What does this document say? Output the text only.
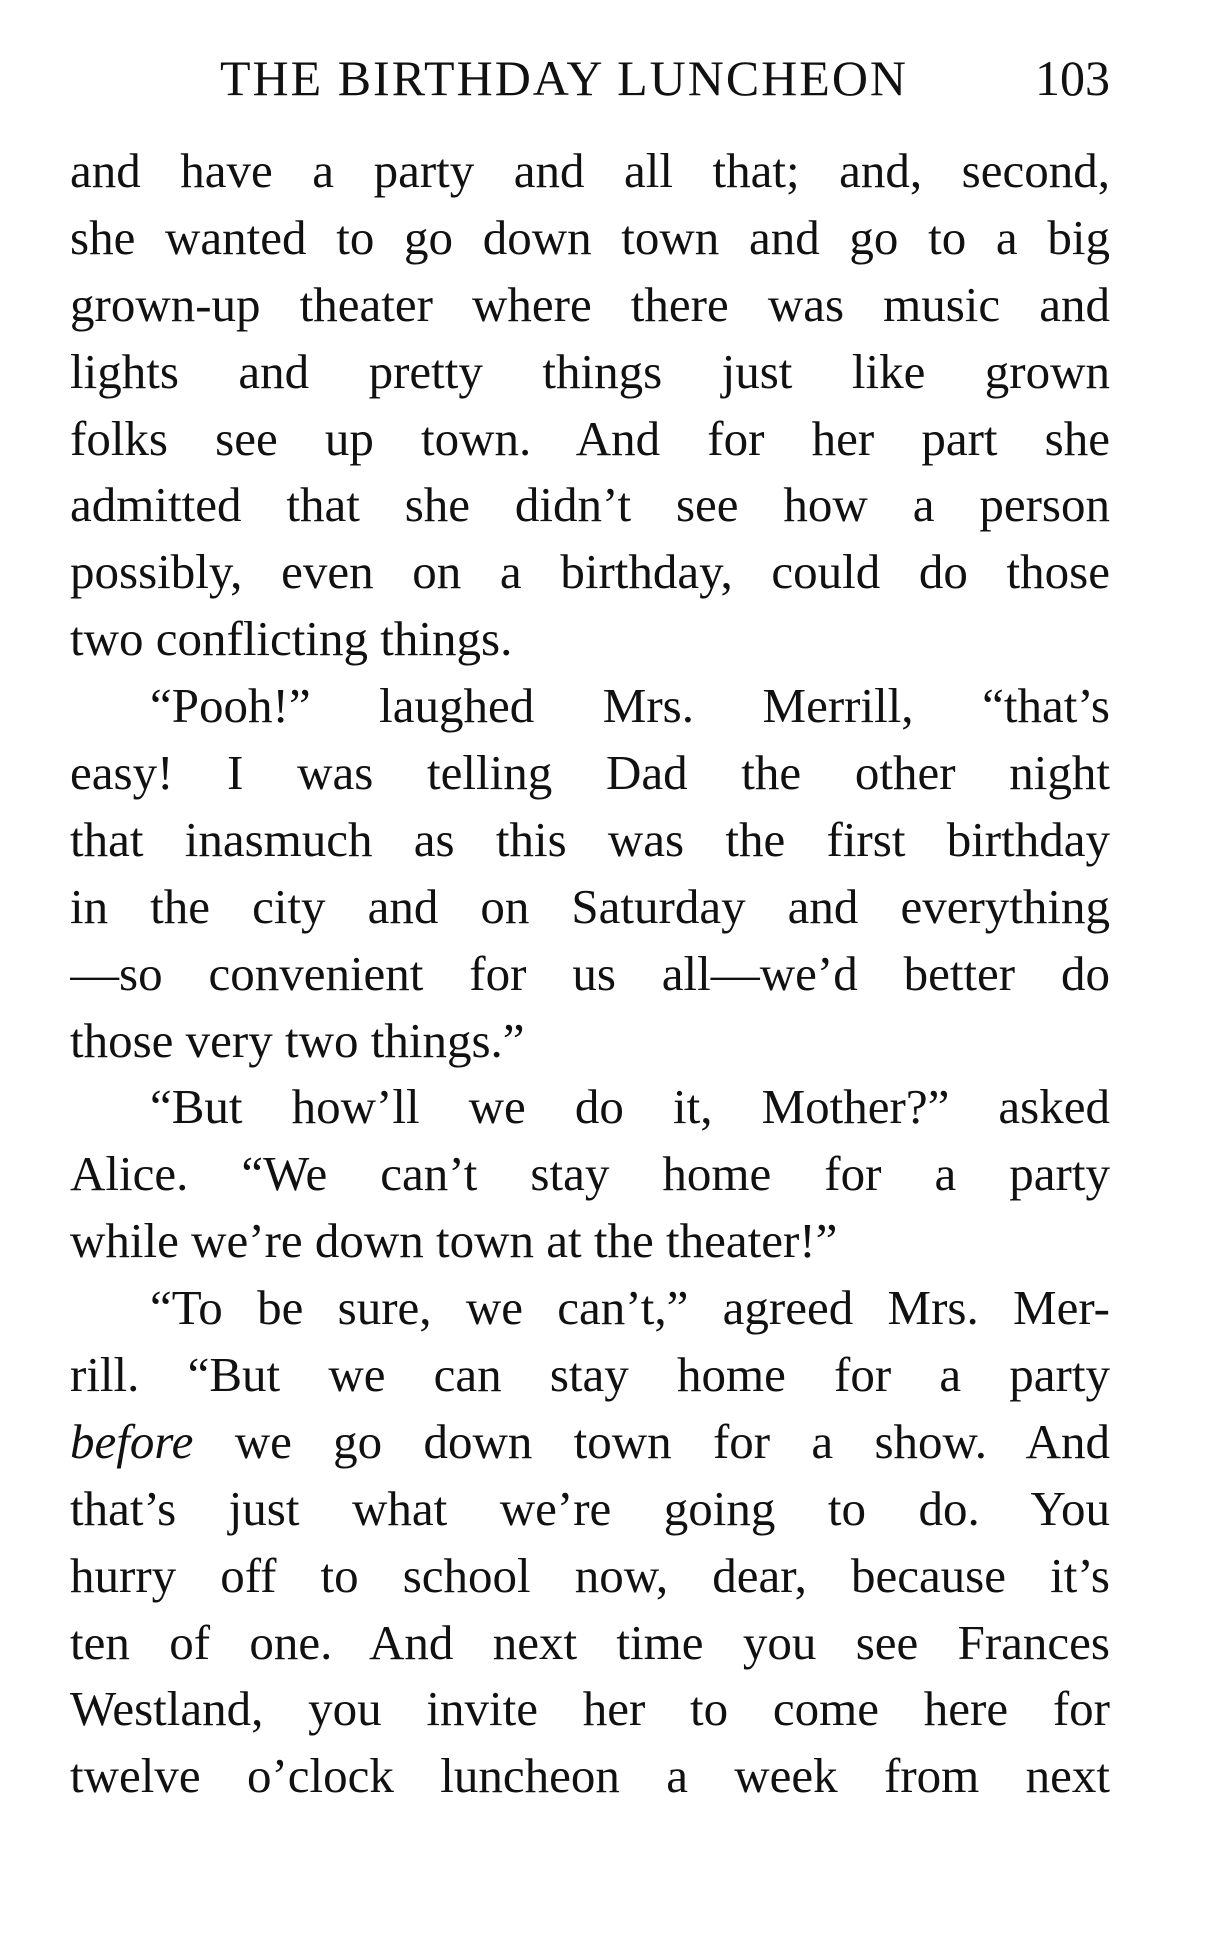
THE BIRTHDAY LUNCHEON	103
and have a party and all that; and, second,
she wanted to go down town and go to a big
grown-up theater where there was music and
lights and pretty things just like grown
folks see up town. And for her part she
admitted that she didn’t see how a person
possibly, even on a birthday, could do those
two conflicting things.
“Pooh!” laughed Mrs. Merrill, “that’s
easy! I was telling Dad the other night
that inasmuch as this was the first birthday
in the city and on Saturday and everything
—so convenient for us all—we’d better do
those very two things.”
“But how’ll we do it, Mother?” asked
Alice. “We can’t stay home for a party
while we’re down town at the theater!”
“To be sure, we can’t,” agreed Mrs. Mer-
rill. “But we can stay home for a party
before we go down town for a show. And
that’s just what we’re going to do. You
hurry off to school now, dear, because it’s
ten of one. And next time you see Frances
Westland, you invite her to come here for
twelve o’clock luncheon a week from next
